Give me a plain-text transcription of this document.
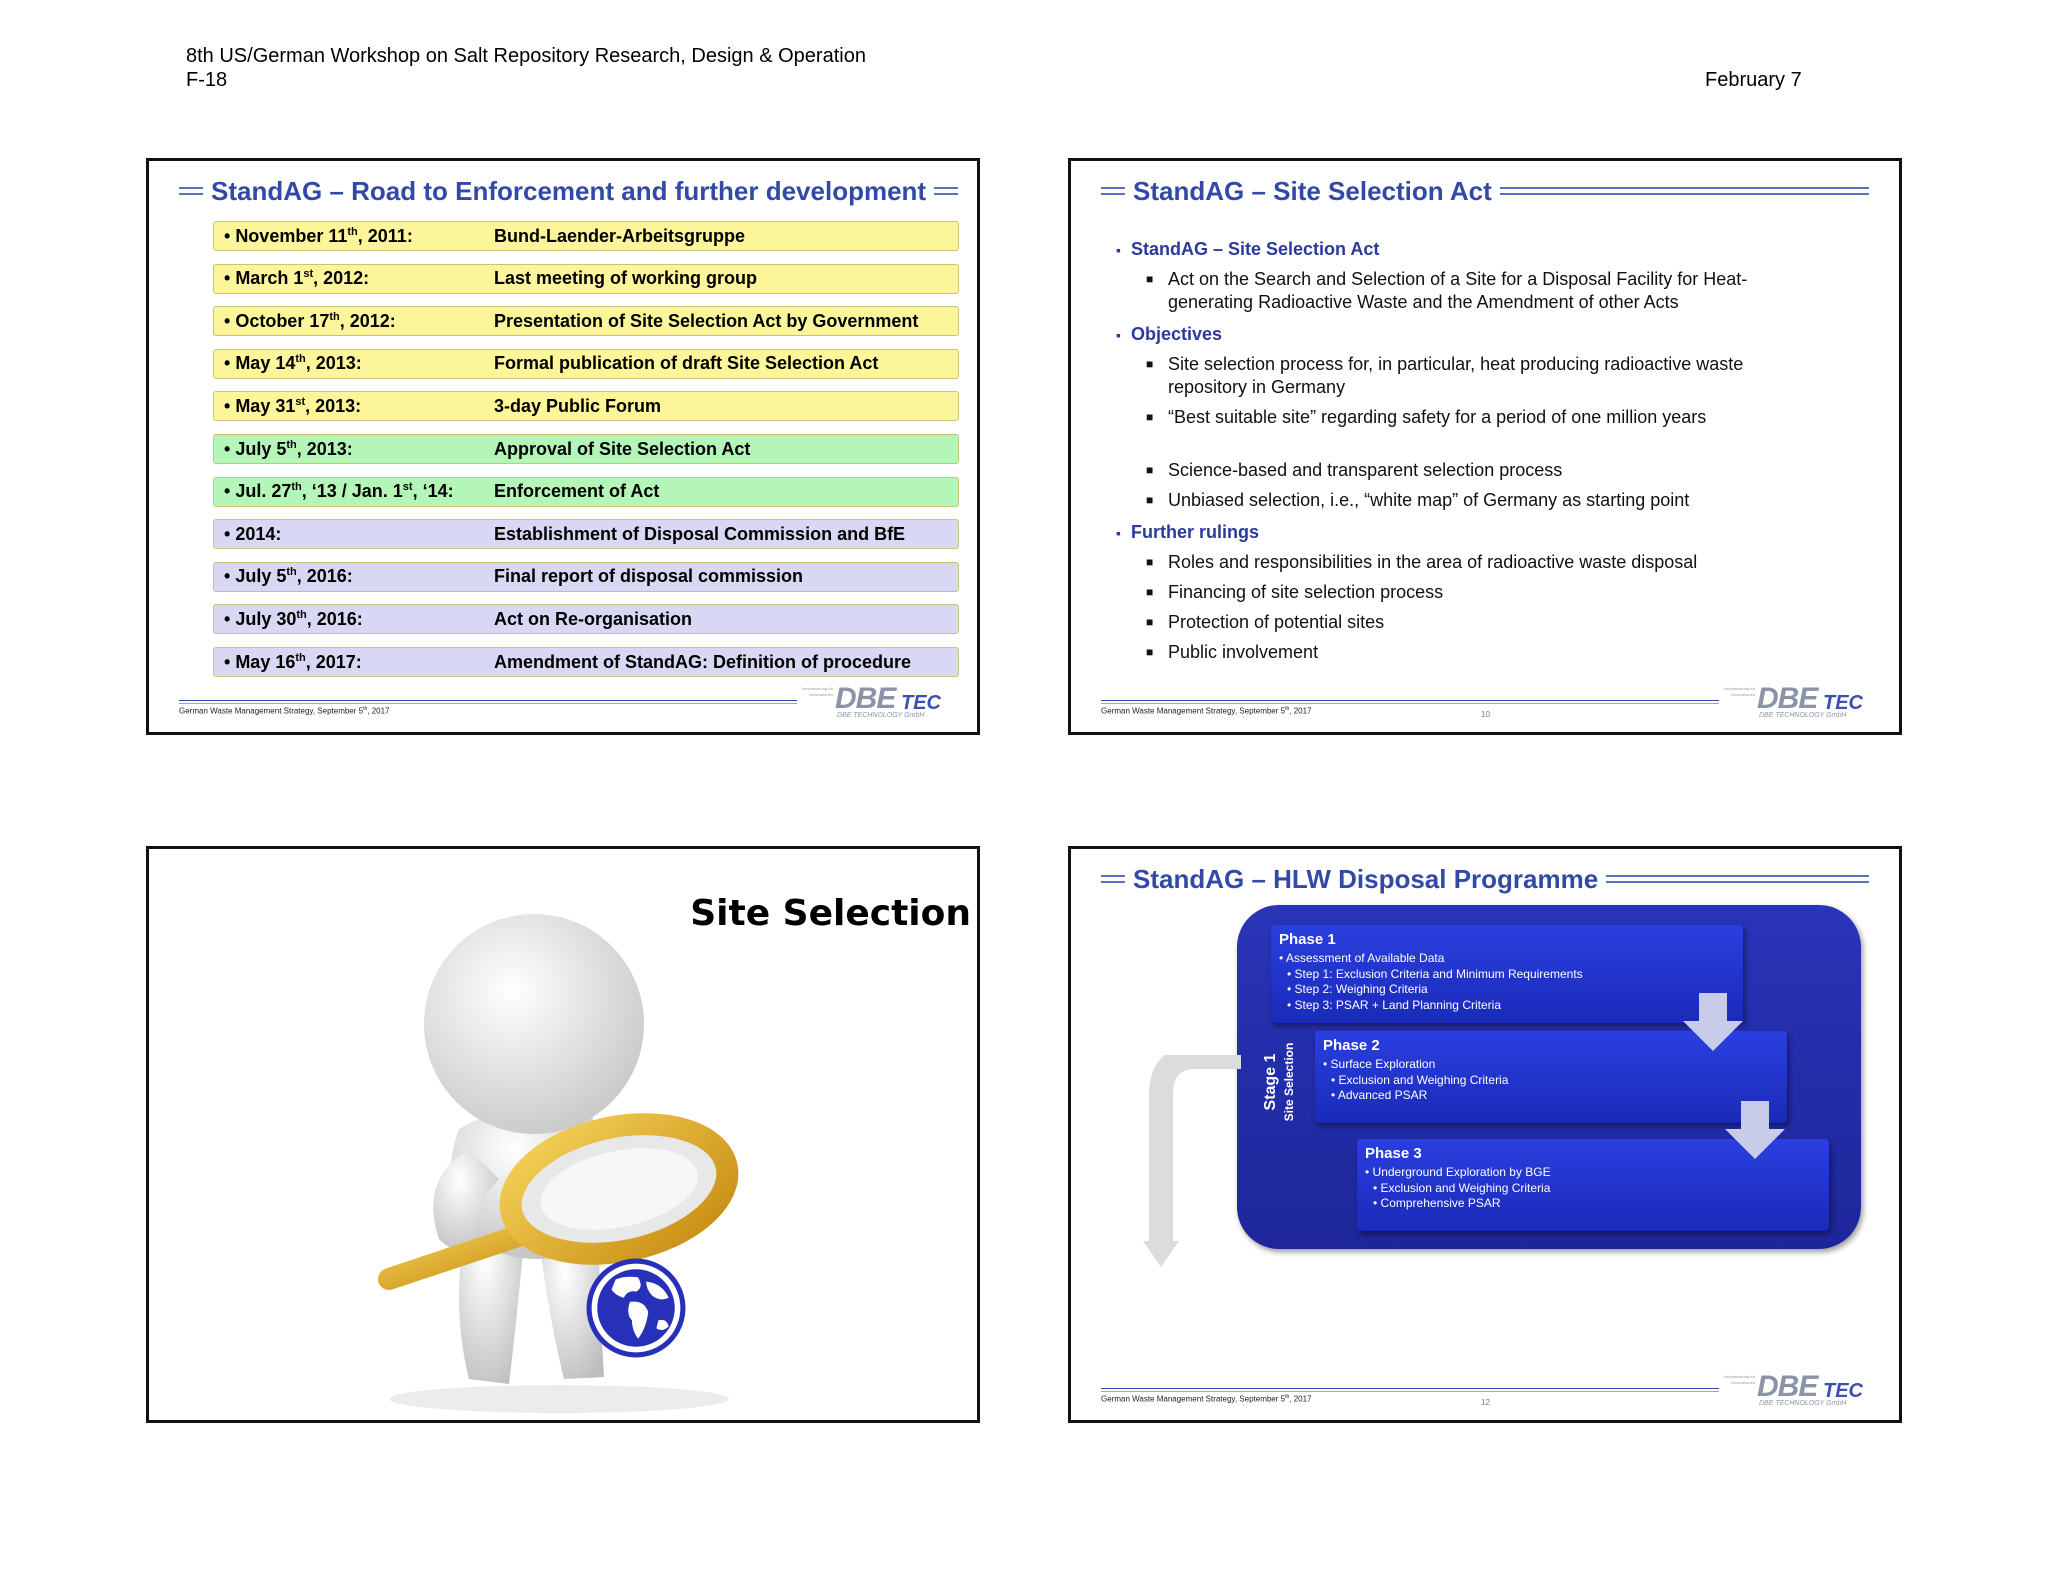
8th US/German Workshop on Salt Repository Research, Design & Operation
F-18	February 7
StandAG – Road to Enforcement and further development
• November 11th, 2011:	Bund-Laender-Arbeitsgruppe
• March 1st, 2012:	Last meeting of working group
• October 17th, 2012:	Presentation of Site Selection Act by Government
• May 14th, 2013:	Formal publication of draft Site Selection Act
• May 31st, 2013:	3-day Public Forum
• July 5th, 2013:	Approval of Site Selection Act
• Jul. 27th, ‘13 / Jan. 1st, ‘14:	Enforcement of Act
• 2014:	Establishment of Disposal Commission and BfE
• July 5th, 2016:	Final report of disposal commission
• July 30th, 2016:	Act on Re-organisation
• May 16th, 2017:	Amendment of StandAG: Definition of procedure
German Waste Management Strategy, September 5th, 2017
Verantwortung für Generationen DBE TEC
DBE TECHNOLOGY GmbH
StandAG – Site Selection Act
▪ StandAG – Site Selection Act
■ Act on the Search and Selection of a Site for a Disposal Facility for Heat-generating Radioactive Waste and the Amendment of other Acts
▪ Objectives
■ Site selection process for, in particular, heat producing radioactive waste repository in Germany
■ “Best suitable site” regarding safety for a period of one million years
■ Science-based and transparent selection process
■ Unbiased selection, i.e., “white map” of Germany as starting point
▪ Further rulings
■ Roles and responsibilities in the area of radioactive waste disposal
■ Financing of site selection process
■ Protection of potential sites
■ Public involvement
German Waste Management Strategy, September 5th, 2017	10
Verantwortung für Generationen DBE TEC
DBE TECHNOLOGY GmbH
Site Selection
StandAG – HLW Disposal Programme
Stage 1 Site Selection
Phase 1
• Assessment of Available Data
• Step 1: Exclusion Criteria and Minimum Requirements
• Step 2: Weighing Criteria
• Step 3: PSAR + Land Planning Criteria
Phase 2
• Surface Exploration
• Exclusion and Weighing Criteria
• Advanced PSAR
Phase 3
• Underground Exploration by BGE
• Exclusion and Weighing Criteria
• Comprehensive PSAR
Stage 2
Opening of mine
Stage 3
Disposal of Waste
Stage 4
Monitoring before Closure with possibility for retrieval
Stage 5
Closed Repository with possibility for recovery
German Waste Management Strategy, September 5th, 2017	12
Verantwortung für Generationen DBE TEC
DBE TECHNOLOGY GmbH
